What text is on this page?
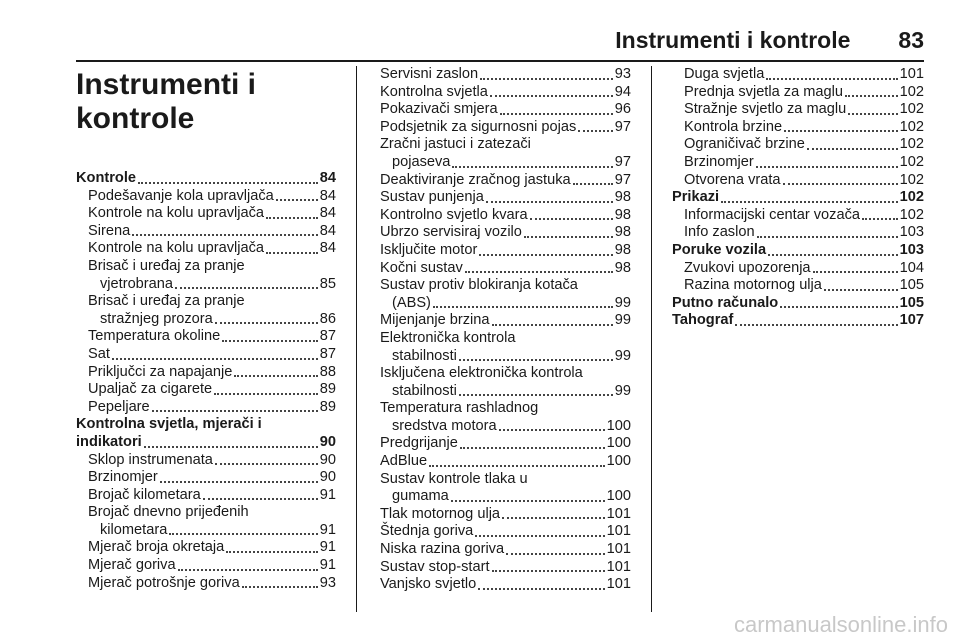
Instrumenti i kontrole 83
Instrumenti i
kontrole
Kontrole	84
Podešavanje kola upravljača	84
Kontrole na kolu upravljača	84
Sirena	84
Kontrole na kolu upravljača	84
Brisač i uređaj za pranje
vjetrobrana	85
Brisač i uređaj za pranje
stražnjeg prozora	86
Temperatura okoline	87
Sat	87
Priključci za napajanje	88
Upaljač za cigarete	89
Pepeljare	89
Kontrolna svjetla, mjerači i
indikatori	90
Sklop instrumenata	90
Brzinomjer	90
Brojač kilometara	91
Brojač dnevno prijeđenih
kilometara	91
Mjerač broja okretaja	91
Mjerač goriva	91
Mjerač potrošnje goriva	93
Servisni zaslon	93
Kontrolna svjetla	94
Pokazivači smjera	96
Podsjetnik za sigurnosni pojas	97
Zračni jastuci i zatezači
pojaseva	97
Deaktiviranje zračnog jastuka	97
Sustav punjenja	98
Kontrolno svjetlo kvara	98
Ubrzo servisiraj vozilo	98
Isključite motor	98
Kočni sustav	98
Sustav protiv blokiranja kotača
(ABS)	99
Mijenjanje brzina	99
Elektronička kontrola
stabilnosti	99
Isključena elektronička kontrola
stabilnosti	99
Temperatura rashladnog
sredstva motora	100
Predgrijanje	100
AdBlue	100
Sustav kontrole tlaka u
gumama	100
Tlak motornog ulja	101
Štednja goriva	101
Niska razina goriva	101
Sustav stop-start	101
Vanjsko svjetlo	101
Duga svjetla	101
Prednja svjetla za maglu	102
Stražnje svjetlo za maglu	102
Kontrola brzine	102
Ograničivač brzine	102
Brzinomjer	102
Otvorena vrata	102
Prikazi	102
Informacijski centar vozača	102
Info zaslon	103
Poruke vozila	103
Zvukovi upozorenja	104
Razina motornog ulja	105
Putno računalo	105
Tahograf	107
carmanualsonline.info
